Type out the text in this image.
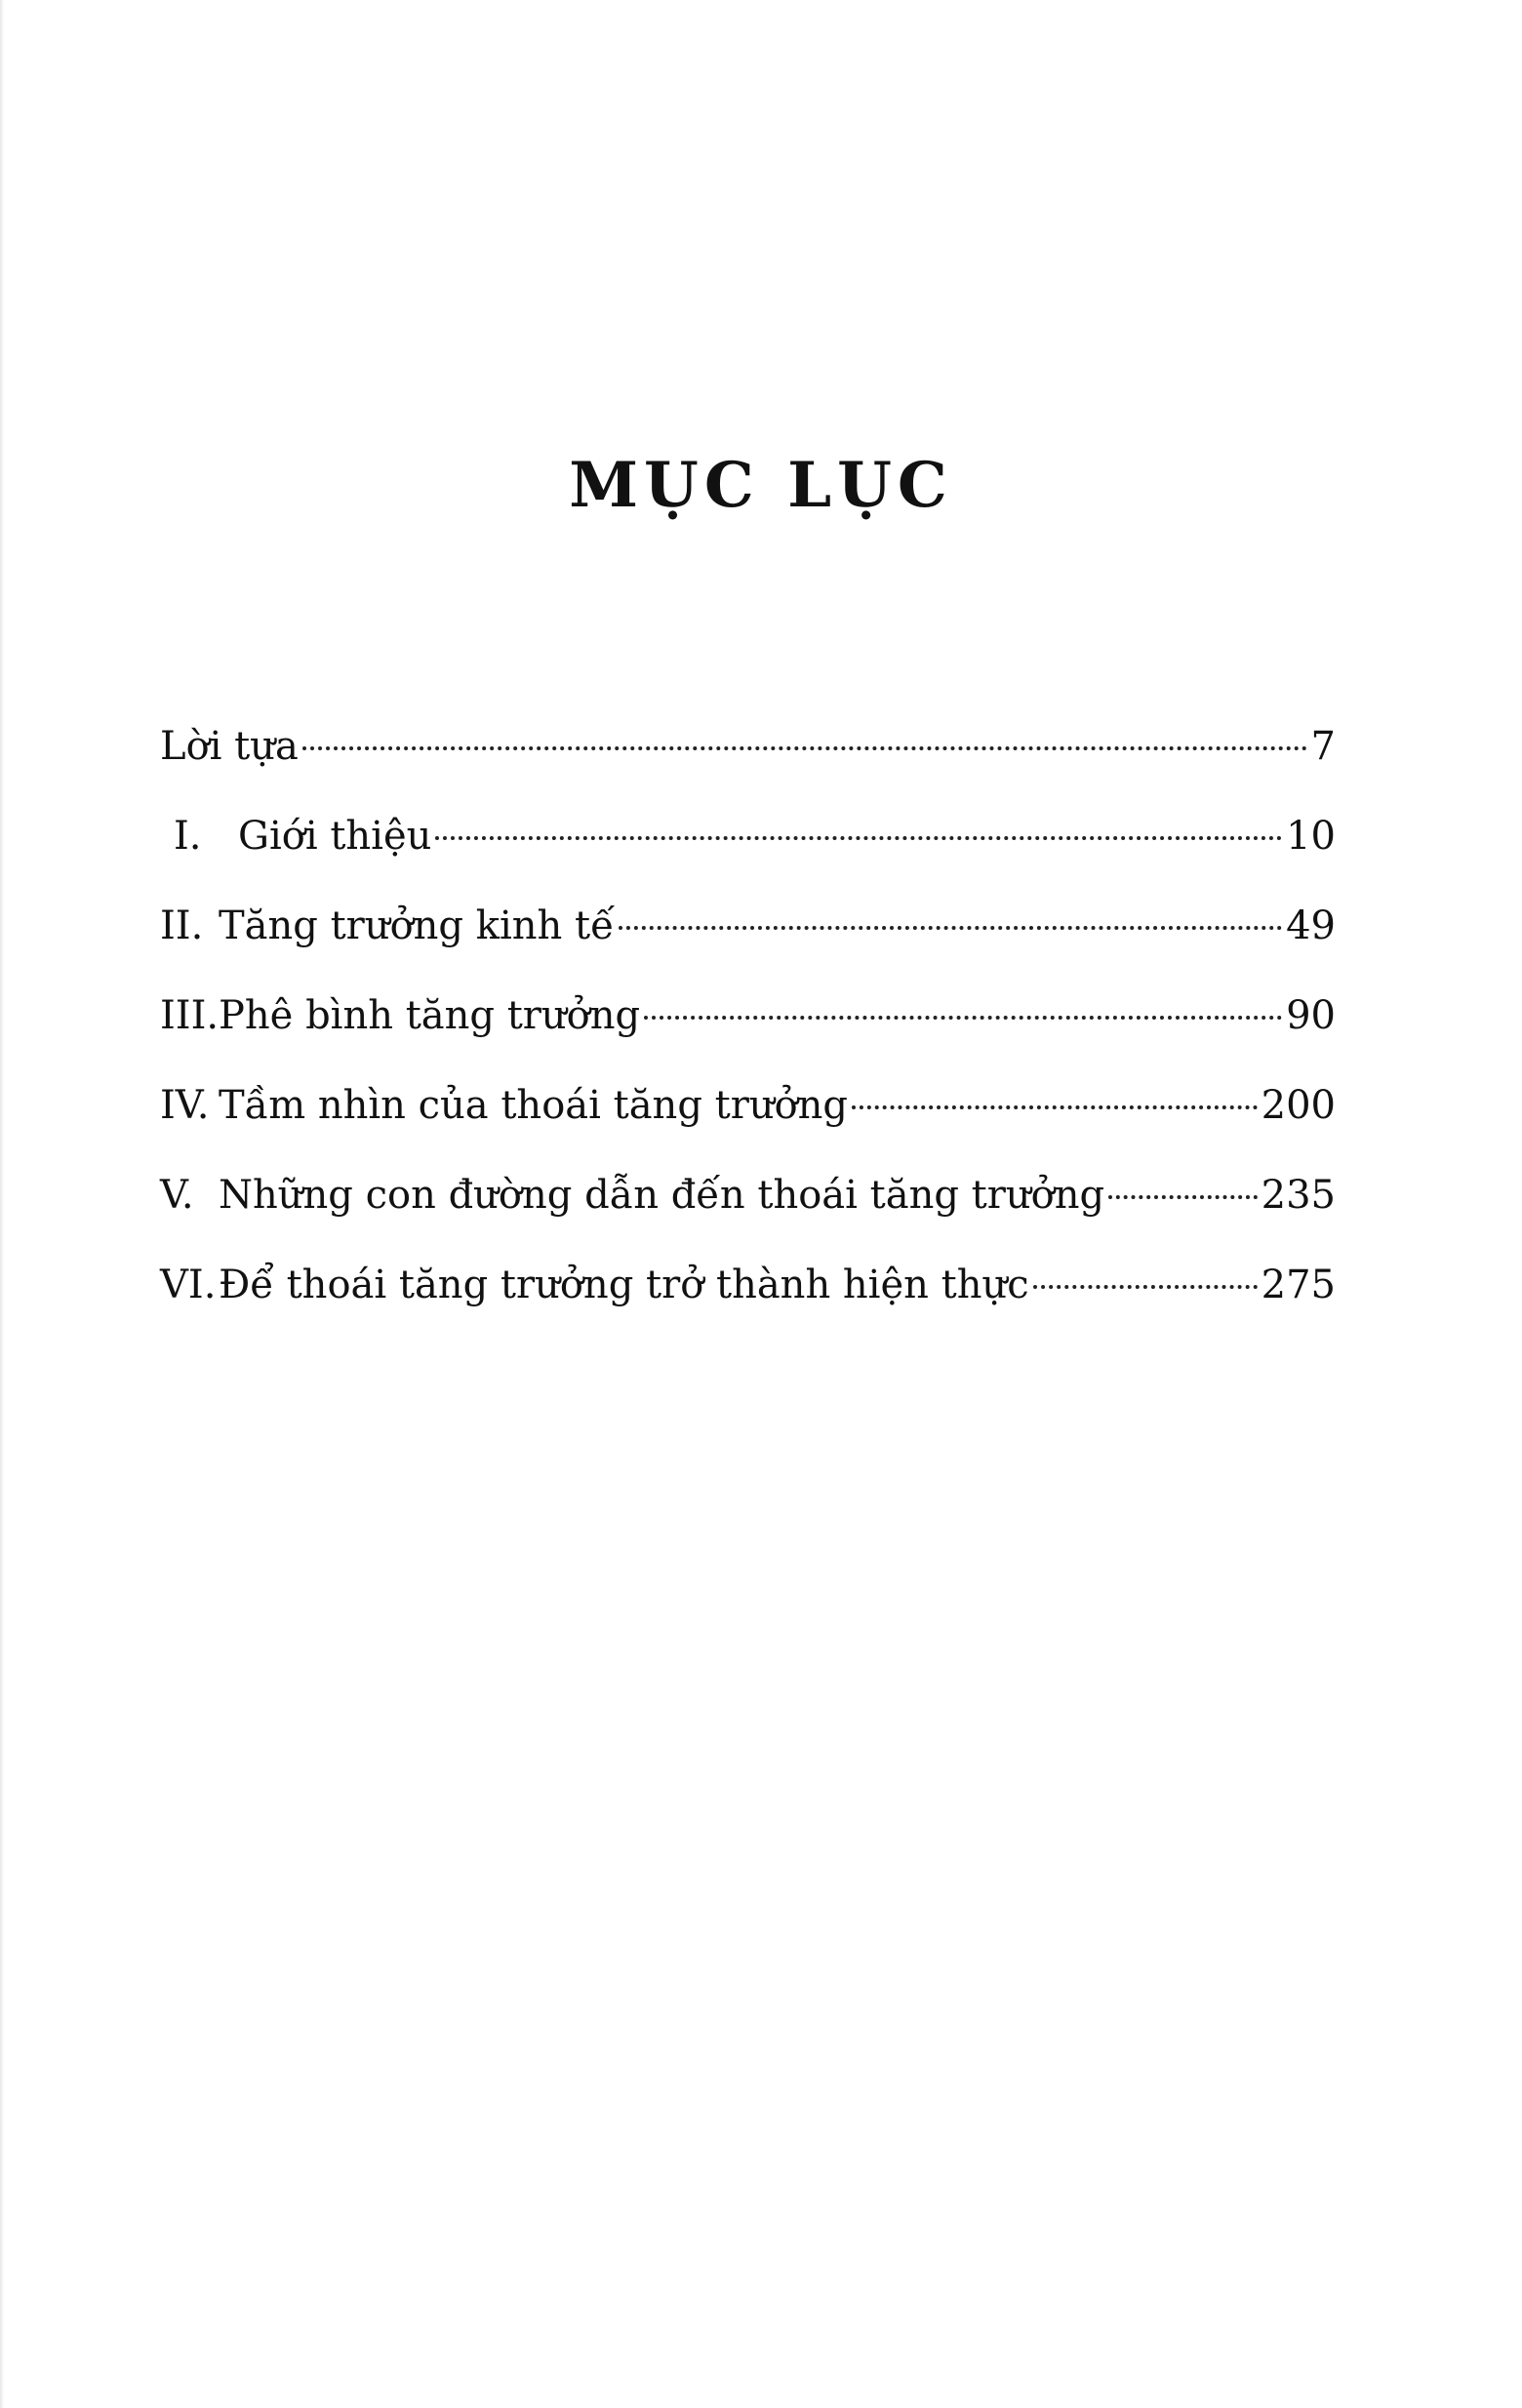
MỤC LỤC
Lời tựa	7
I. Giới thiệu	10
II. Tăng trưởng kinh tế	49
III.Phê bình tăng trưởng	90
IV. Tầm nhìn của thoái tăng trưởng	200
V. Những con đường dẫn đến thoái tăng trưởng	235
VI.Để thoái tăng trưởng trở thành hiện thực	275
